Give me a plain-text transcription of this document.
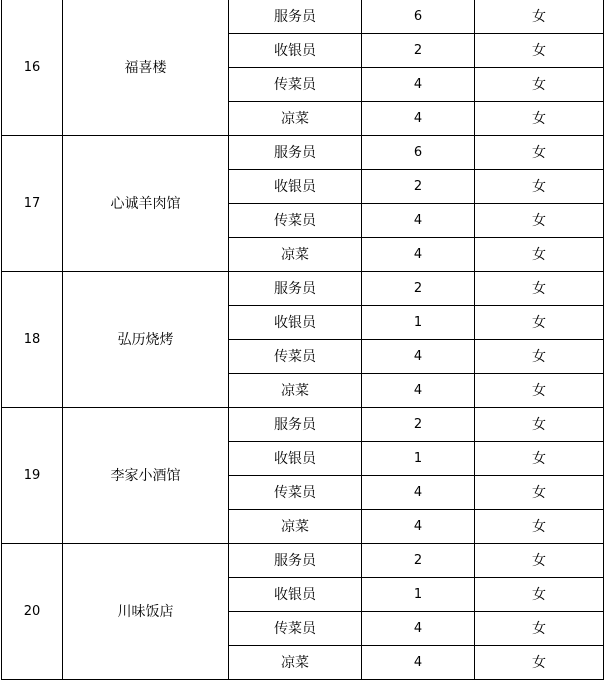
16	福喜楼	服务员	6	女
		收银员	2	女
		传菜员	4	女
		凉菜	4	女
17	心诚羊肉馆	服务员	6	女
		收银员	2	女
		传菜员	4	女
		凉菜	4	女
18	弘历烧烤	服务员	2	女
		收银员	1	女
		传菜员	4	女
		凉菜	4	女
19	李家小酒馆	服务员	2	女
		收银员	1	女
		传菜员	4	女
		凉菜	4	女
20	川味饭店	服务员	2	女
		收银员	1	女
		传菜员	4	女
		凉菜	4	女
